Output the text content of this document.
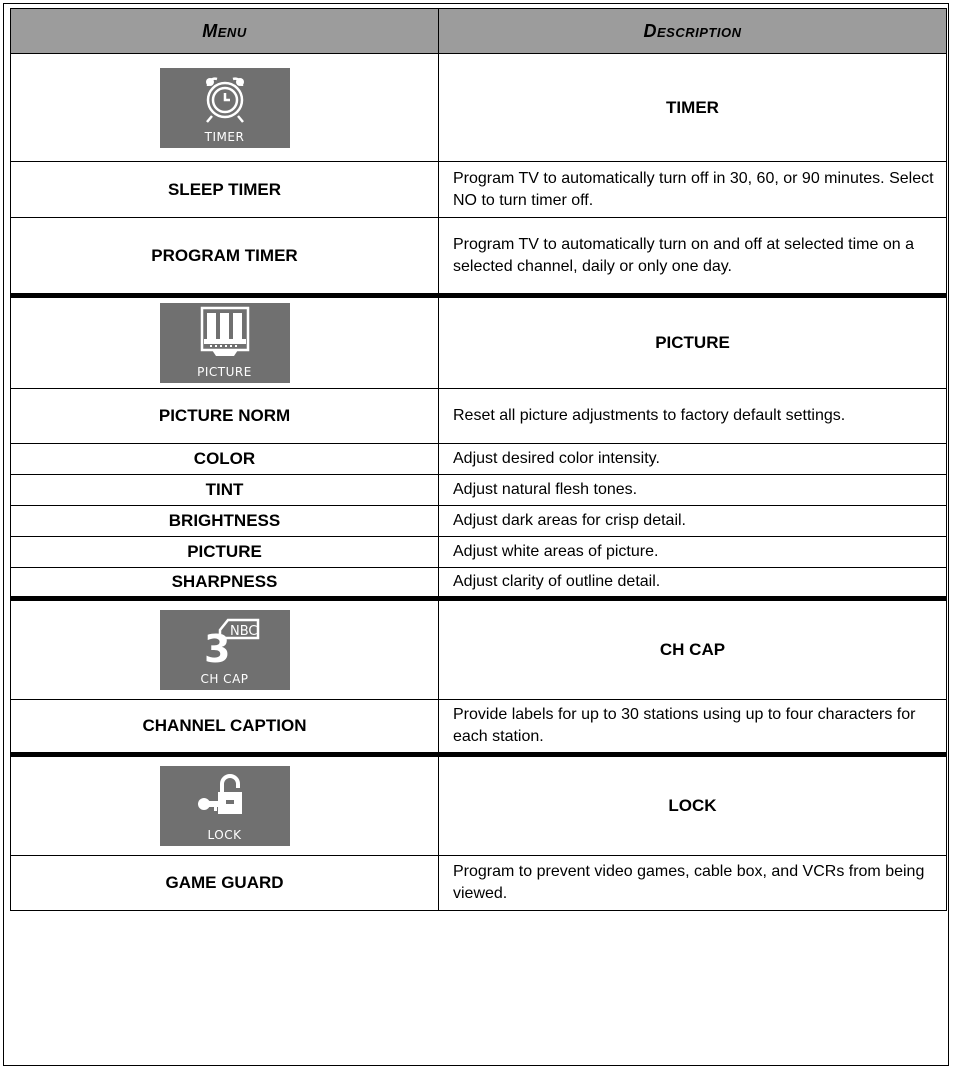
Menu	Description

TIMER	TIMER
SLEEP TIMER	Program TV to automatically turn off in 30, 60, or 90 minutes. Select NO to turn timer off.
PROGRAM TIMER	Program TV to automatically turn on and off at selected time on a selected channel, daily or only one day.

PICTURE	PICTURE
PICTURE NORM	Reset all picture adjustments to factory default settings.
COLOR	Adjust desired color intensity.
TINT	Adjust natural flesh tones.
BRIGHTNESS	Adjust dark areas for crisp detail.
PICTURE	Adjust white areas of picture.
SHARPNESS	Adjust clarity of outline detail.

3 NBC
CH CAP	CH CAP
CHANNEL CAPTION	Provide labels for up to 30 stations using up to four characters for each station.

LOCK	LOCK
GAME GUARD	Program to prevent video games, cable box, and VCRs from being viewed.
